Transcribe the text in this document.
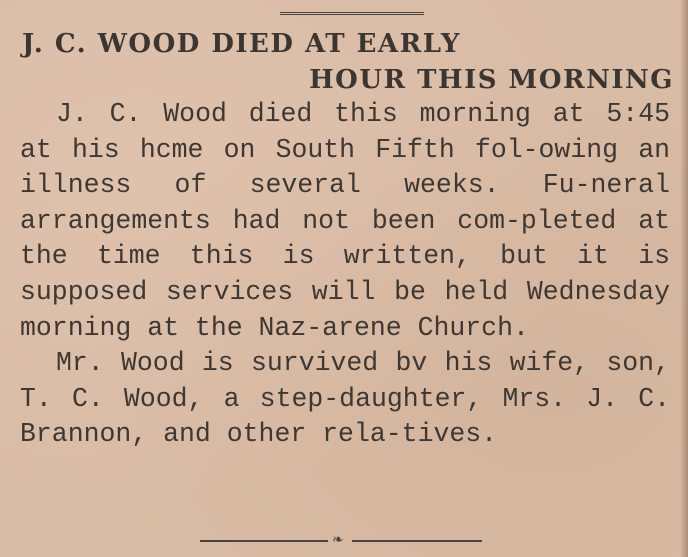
J. C. WOOD DIED AT EARLY
HOUR THIS MORNING

J. C. Wood died this morning at 5:45 at his hcme on South Fifth fol-owing an illness of several weeks. Fu-neral arrangements had not been com-pleted at the time this is written, but it is supposed services will be held Wednesday morning at the Naz-arene Church.

Mr. Wood is survived bv his wife, son, T. C. Wood, a step-daughter, Mrs. J. C. Brannon, and other rela-tives.

❧
